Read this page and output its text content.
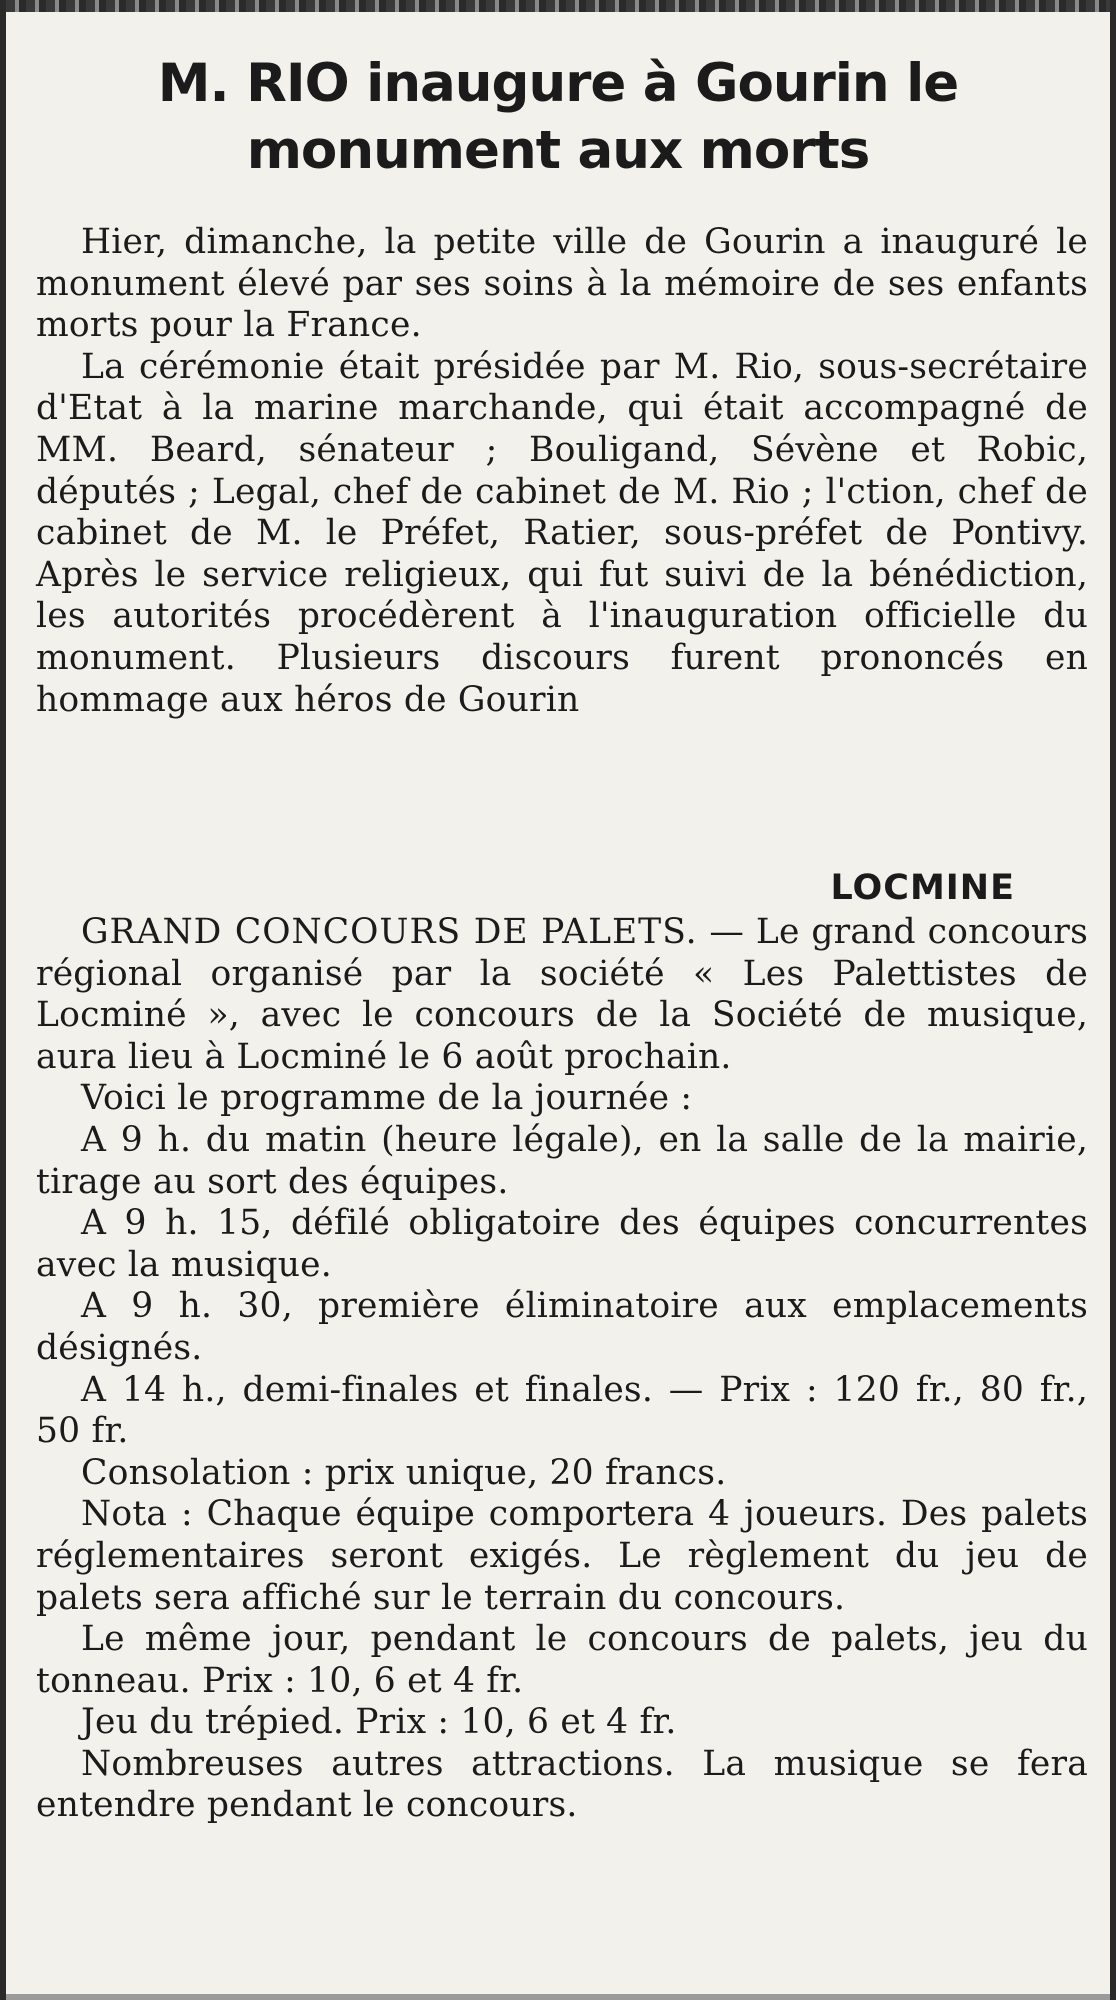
M. RIO inaugure à Gourin le monument aux morts

Hier, dimanche, la petite ville de Gourin a inauguré le monument élevé par ses soins à la mémoire de ses enfants morts pour la France.

La cérémonie était présidée par M. Rio, sous-secrétaire d'Etat à la marine marchande, qui était accompagné de MM. Beard, sénateur ; Bouligand, Sévène et Robic, députés ; Legal, chef de cabinet de M. Rio ; l'ction, chef de cabinet de M. le Préfet, Ratier, sous-préfet de Pontivy. Après le service religieux, qui fut suivi de la bénédiction, les autorités procédèrent à l'inauguration officielle du monument. Plusieurs discours furent prononcés en hommage aux héros de Gourin

LOCMINE

GRAND CONCOURS DE PALETS. — Le grand concours régional organisé par la société « Les Palettistes de Locminé », avec le concours de la Société de musique, aura lieu à Locminé le 6 août prochain.

Voici le programme de la journée :

A 9 h. du matin (heure légale), en la salle de la mairie, tirage au sort des équipes.

A 9 h. 15, défilé obligatoire des équipes concurrentes avec la musique.

A 9 h. 30, première éliminatoire aux emplacements désignés.

A 14 h., demi-finales et finales. — Prix : 120 fr., 80 fr., 50 fr.

Consolation : prix unique, 20 francs.

Nota : Chaque équipe comportera 4 joueurs. Des palets réglementaires seront exigés. Le règlement du jeu de palets sera affiché sur le terrain du concours.

Le même jour, pendant le concours de palets, jeu du tonneau. Prix : 10, 6 et 4 fr.

Jeu du trépied. Prix : 10, 6 et 4 fr.

Nombreuses autres attractions. La musique se fera entendre pendant le concours.
